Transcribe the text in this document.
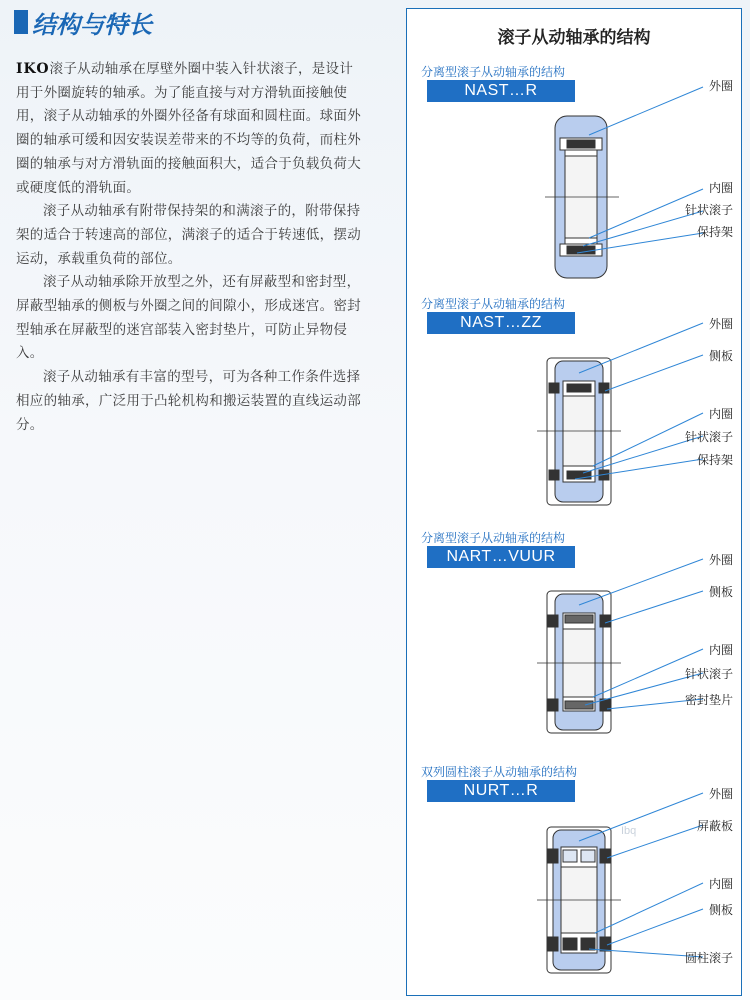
结构与特长

IKO滚子从动轴承在厚壁外圈中装入针状滚子，是设计用于外圈旋转的轴承。为了能直接与对方滑轨面接触使用，滚子从动轴承的外圈外径备有球面和圆柱面。球面外圈的轴承可缓和因安装误差带来的不均等的负荷，而柱外圈的轴承与对方滑轨面的接触面积大，适合于负载负荷大或硬度低的滑轨面。

滚子从动轴承有附带保持架的和满滚子的，附带保持架的适合于转速高的部位，满滚子的适合于转速低，摆动运动，承载重负荷的部位。

滚子从动轴承除开放型之外，还有屏蔽型和密封型，屏蔽型轴承的侧板与外圈之间的间隙小，形成迷宫。密封型轴承在屏蔽型的迷宫部装入密封垫片，可防止异物侵入。

滚子从动轴承有丰富的型号，可为各种工作条件选择相应的轴承，广泛用于凸轮机构和搬运装置的直线运动部分。

滚子从动轴承的结构
分离型滚子从动轴承的结构
NAST…R	外圈
内圈
针状滚子
保持架
分离型滚子从动轴承的结构
NAST…ZZ	外圈
侧板
内圈
针状滚子
保持架
分离型滚子从动轴承的结构
NART…VUUR	外圈
侧板
内圈
针状滚子
密封垫片
双列圆柱滚子从动轴承的结构
NURT…R
Ibq
外圈
屏蔽板
内圈
侧板
圆柱滚子
